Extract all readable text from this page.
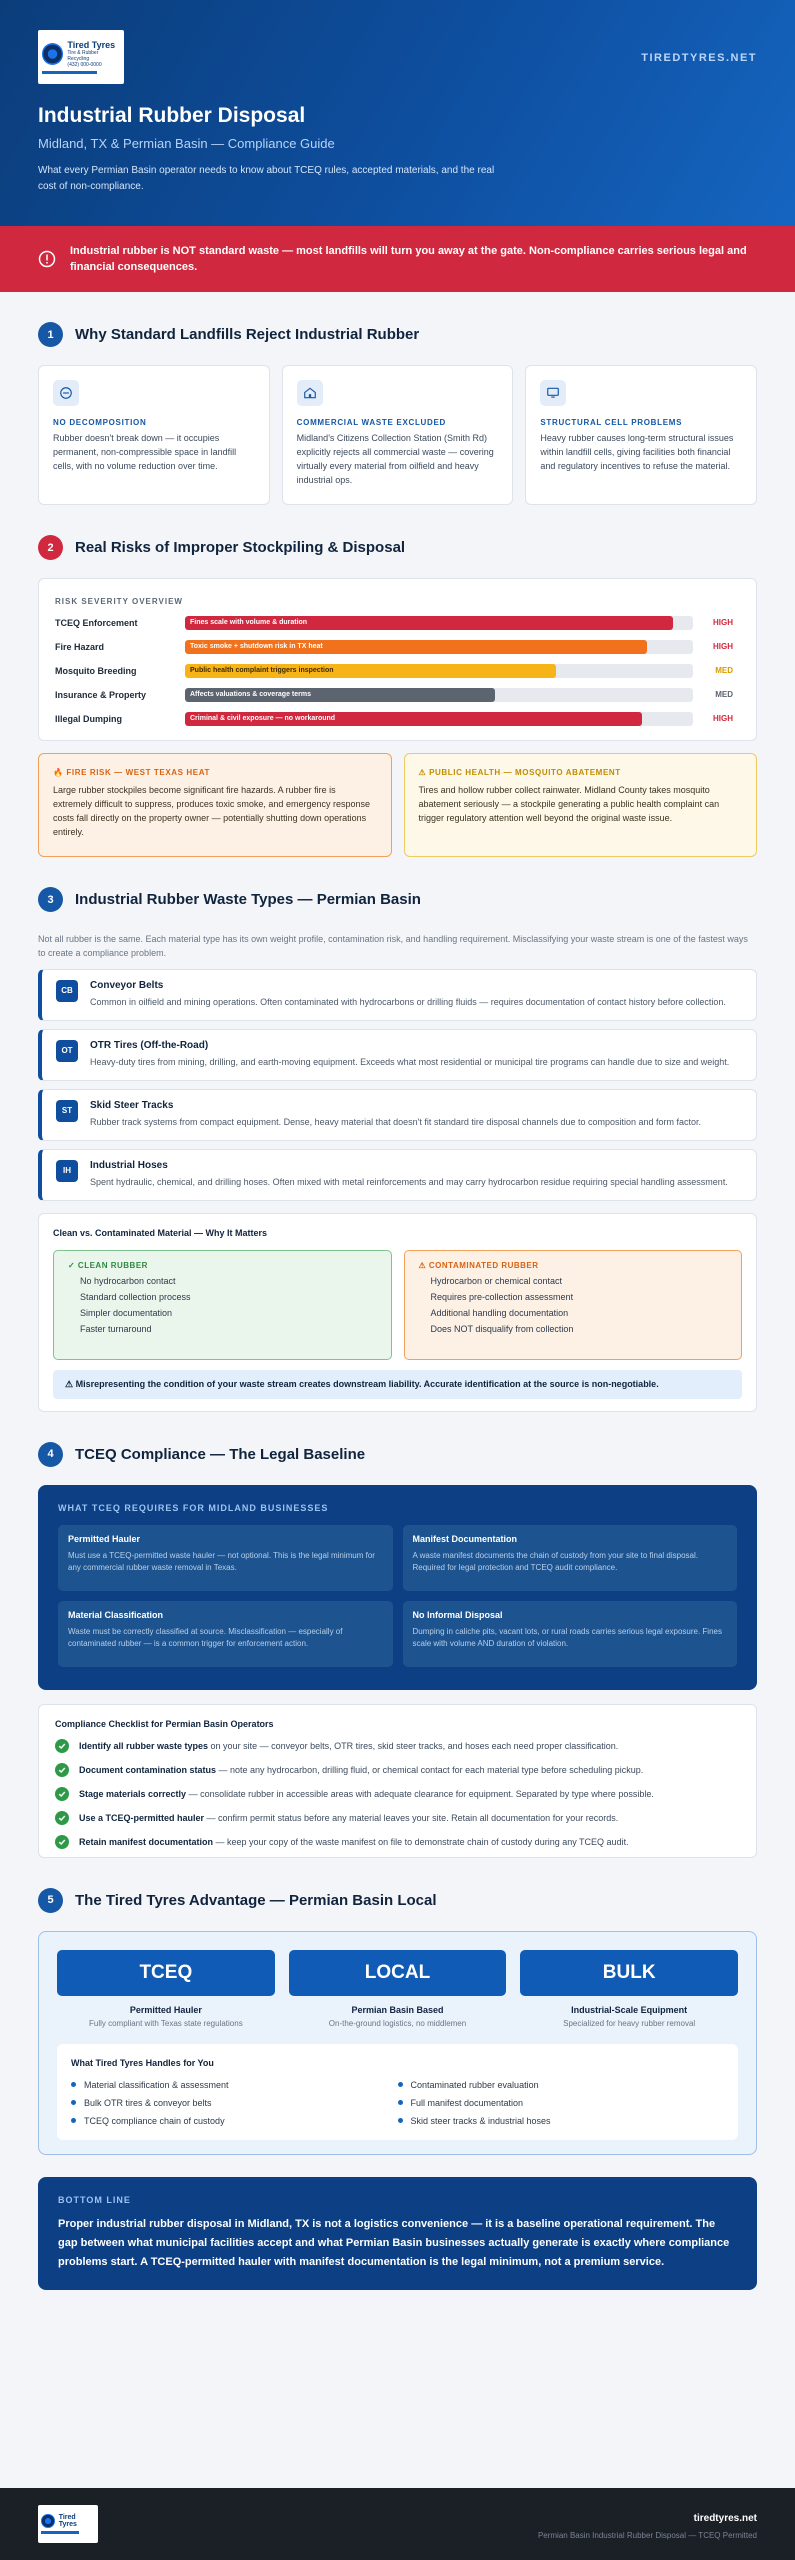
Tired Tyres
Tire & Rubber Recycling
(432) 000-0000
TIREDTYRES.NET
Industrial Rubber Disposal
Midland, TX & Permian Basin — Compliance Guide
What every Permian Basin operator needs to know about TCEQ rules, accepted materials, and the real cost of non-compliance.
Industrial rubber is NOT standard waste — most landfills will turn you away at the gate. Non-compliance carries serious legal and financial consequences.
1	Why Standard Landfills Reject Industrial Rubber
NO DECOMPOSITION
Rubber doesn't break down — it occupies permanent, non-compressible space in landfill cells, with no volume reduction over time.
COMMERCIAL WASTE EXCLUDED
Midland's Citizens Collection Station (Smith Rd) explicitly rejects all commercial waste — covering virtually every material from oilfield and heavy industrial ops.
STRUCTURAL CELL PROBLEMS
Heavy rubber causes long-term structural issues within landfill cells, giving facilities both financial and regulatory incentives to refuse the material.
2	Real Risks of Improper Stockpiling & Disposal
RISK SEVERITY OVERVIEW
TCEQ Enforcement	Fines scale with volume & duration	HIGH
Fire Hazard	Toxic smoke + shutdown risk in TX heat	HIGH
Mosquito Breeding	Public health complaint triggers inspection	MED
Insurance & Property	Affects valuations & coverage terms	MED
Illegal Dumping	Criminal & civil exposure — no workaround	HIGH
🔥 FIRE RISK — WEST TEXAS HEAT
Large rubber stockpiles become significant fire hazards. A rubber fire is extremely difficult to suppress, produces toxic smoke, and emergency response costs fall directly on the property owner — potentially shutting down operations entirely.
⚠ PUBLIC HEALTH — MOSQUITO ABATEMENT
Tires and hollow rubber collect rainwater. Midland County takes mosquito abatement seriously — a stockpile generating a public health complaint can trigger regulatory attention well beyond the original waste issue.
3	Industrial Rubber Waste Types — Permian Basin
Not all rubber is the same. Each material type has its own weight profile, contamination risk, and handling requirement. Misclassifying your waste stream is one of the fastest ways to create a compliance problem.
CB	Conveyor Belts
Common in oilfield and mining operations. Often contaminated with hydrocarbons or drilling fluids — requires documentation of contact history before collection.
OT	OTR Tires (Off-the-Road)
Heavy-duty tires from mining, drilling, and earth-moving equipment. Exceeds what most residential or municipal tire programs can handle due to size and weight.
ST	Skid Steer Tracks
Rubber track systems from compact equipment. Dense, heavy material that doesn't fit standard tire disposal channels due to composition and form factor.
IH	Industrial Hoses
Spent hydraulic, chemical, and drilling hoses. Often mixed with metal reinforcements and may carry hydrocarbon residue requiring special handling assessment.
Clean vs. Contaminated Material — Why It Matters
✓ CLEAN RUBBER
No hydrocarbon contact
Standard collection process
Simpler documentation
Faster turnaround
⚠ CONTAMINATED RUBBER
Hydrocarbon or chemical contact
Requires pre-collection assessment
Additional handling documentation
Does NOT disqualify from collection
⚠ Misrepresenting the condition of your waste stream creates downstream liability. Accurate identification at the source is non-negotiable.
4	TCEQ Compliance — The Legal Baseline
WHAT TCEQ REQUIRES FOR MIDLAND BUSINESSES
Permitted Hauler
Must use a TCEQ-permitted waste hauler — not optional. This is the legal minimum for any commercial rubber waste removal in Texas.
Manifest Documentation
A waste manifest documents the chain of custody from your site to final disposal. Required for legal protection and TCEQ audit compliance.
Material Classification
Waste must be correctly classified at source. Misclassification — especially of contaminated rubber — is a common trigger for enforcement action.
No Informal Disposal
Dumping in caliche pits, vacant lots, or rural roads carries serious legal exposure. Fines scale with volume AND duration of violation.
Compliance Checklist for Permian Basin Operators
Identify all rubber waste types on your site — conveyor belts, OTR tires, skid steer tracks, and hoses each need proper classification.
Document contamination status — note any hydrocarbon, drilling fluid, or chemical contact for each material type before scheduling pickup.
Stage materials correctly — consolidate rubber in accessible areas with adequate clearance for equipment. Separated by type where possible.
Use a TCEQ-permitted hauler — confirm permit status before any material leaves your site. Retain all documentation for your records.
Retain manifest documentation — keep your copy of the waste manifest on file to demonstrate chain of custody during any TCEQ audit.
5	The Tired Tyres Advantage — Permian Basin Local
TCEQ
Permitted Hauler
Fully compliant with Texas state regulations
LOCAL
Permian Basin Based
On-the-ground logistics, no middlemen
BULK
Industrial-Scale Equipment
Specialized for heavy rubber removal
What Tired Tyres Handles for You
Material classification & assessment	Contaminated rubber evaluation
Bulk OTR tires & conveyor belts	Full manifest documentation
TCEQ compliance chain of custody	Skid steer tracks & industrial hoses
BOTTOM LINE
Proper industrial rubber disposal in Midland, TX is not a logistics convenience — it is a baseline operational requirement. The gap between what municipal facilities accept and what Permian Basin businesses actually generate is exactly where compliance problems start. A TCEQ-permitted hauler with manifest documentation is the legal minimum, not a premium service.
Tired Tyres
tiredtyres.net
Permian Basin Industrial Rubber Disposal — TCEQ Permitted
